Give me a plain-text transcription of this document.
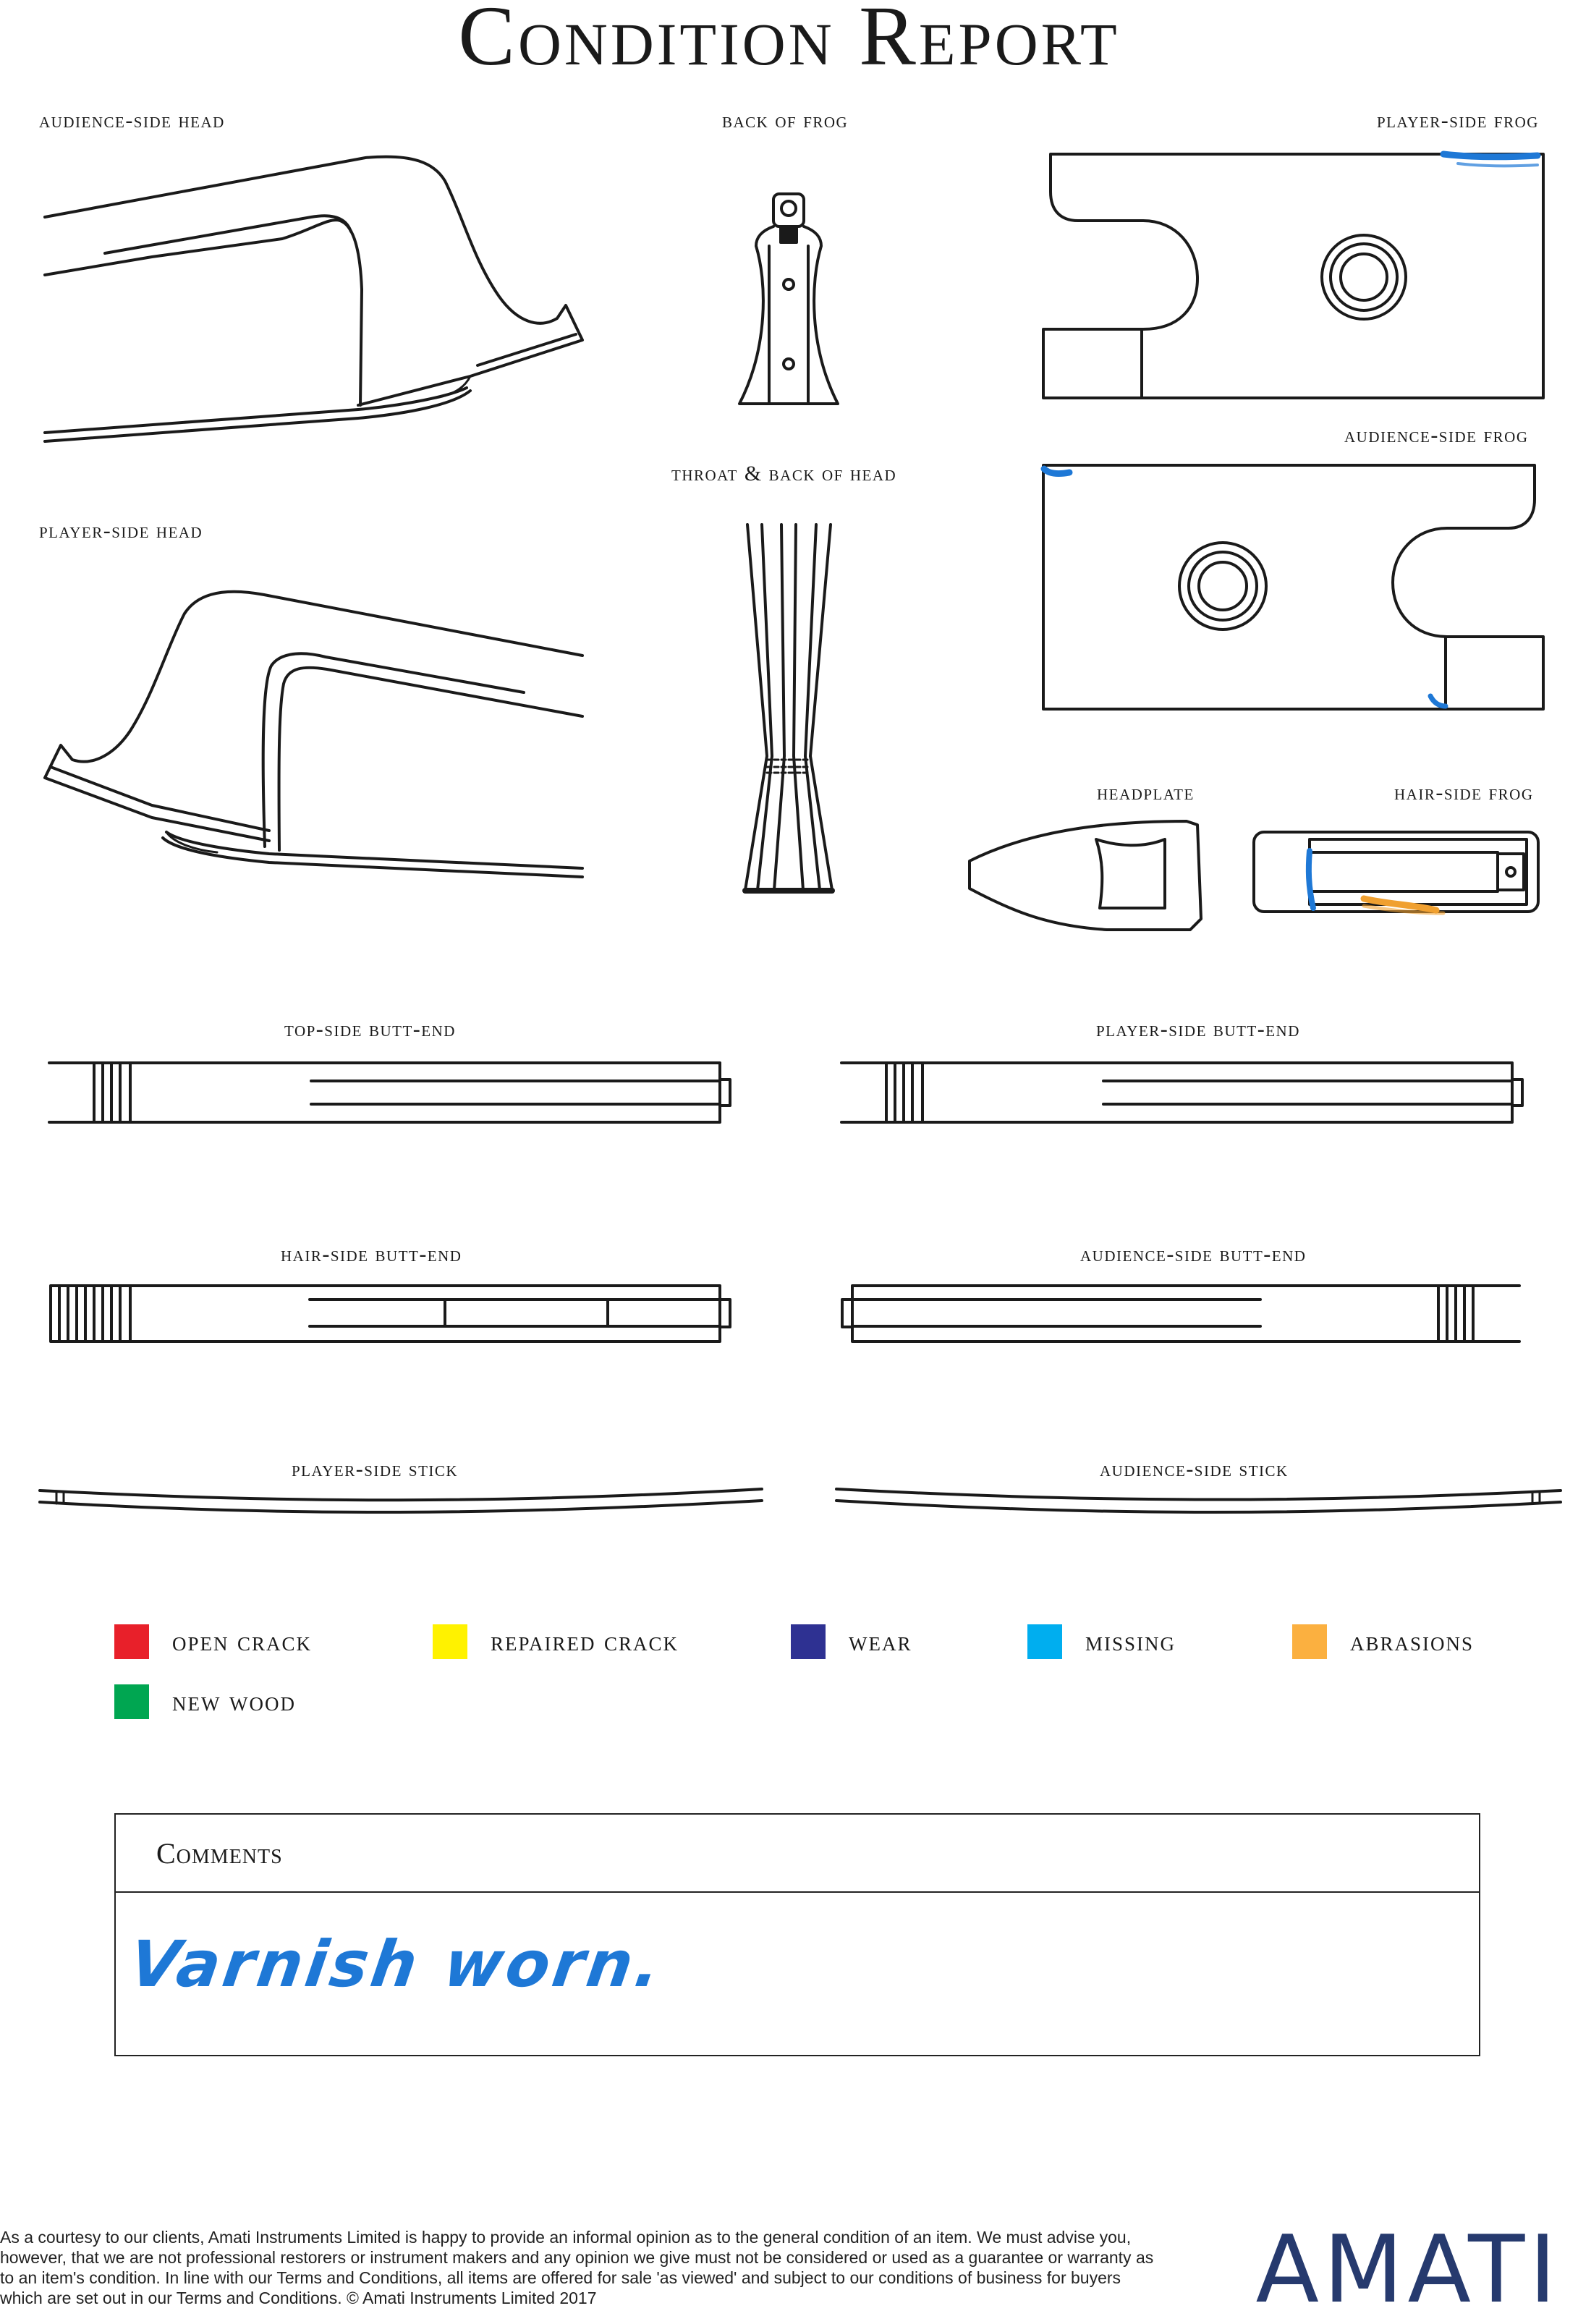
Condition Report
audience-side head	back of frog	player-side frog
throat & back of head
audience-side frog
player-side head
headplate	hair-side frog
top-side butt-end	player-side butt-end
hair-side butt-end	audience-side butt-end
player-side stick	audience-side stick
open crack	repaired crack	wear	missing	abrasions
new wood
Comments
Varnish worn.
As a courtesy to our clients, Amati Instruments Limited is happy to provide an informal opinion as to the general condition of an item. We must advise you, however, that we are not professional restorers or instrument makers and any opinion we give must not be considered or used as a guarantee or warranty as to an item's condition. In line with our Terms and Conditions, all items are offered for sale 'as viewed' and subject to our conditions of business for buyers which are set out in our Terms and Conditions. © Amati Instruments Limited 2017	AMATI
